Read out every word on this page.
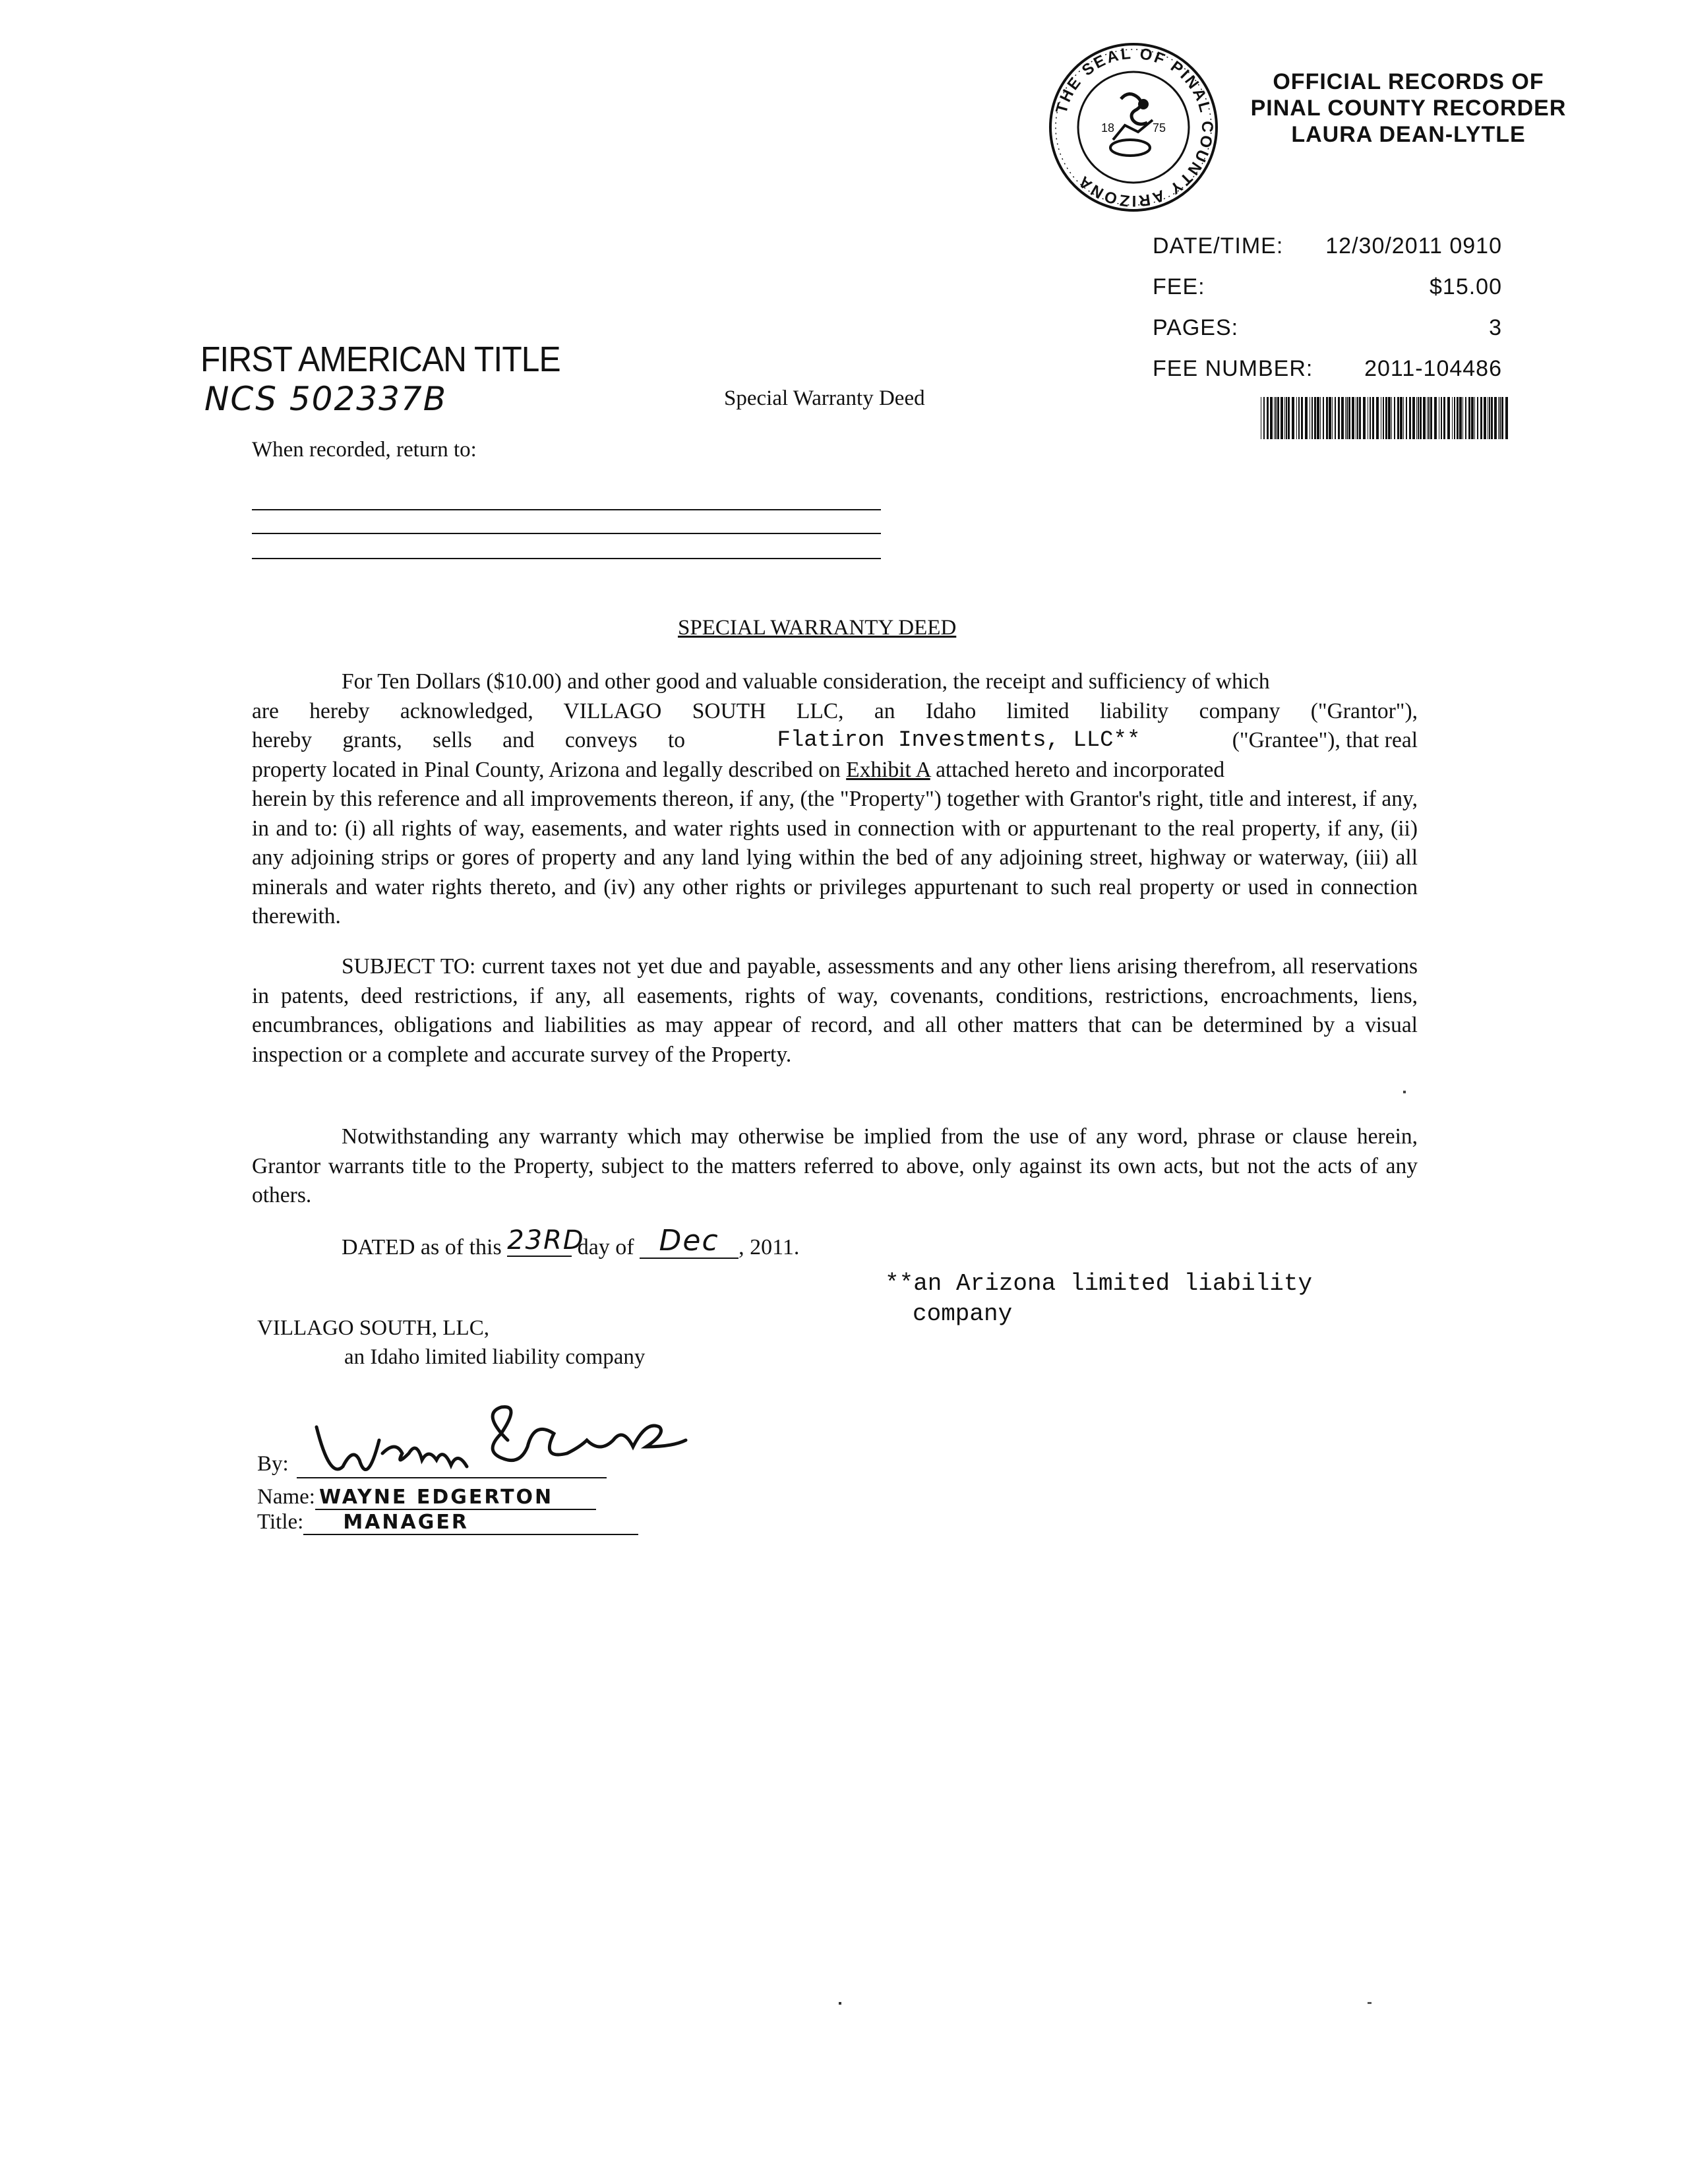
THE SEAL OF PINAL COUNTY ARIZONA
18	75
OFFICIAL RECORDS OF
PINAL COUNTY RECORDER
LAURA DEAN-LYTLE
DATE/TIME: 12/30/2011 0910
FEE:	$15.00
PAGES:	3
FEE NUMBER: 2011-104486
FIRST AMERICAN TITLE
NCS 502337B	Special Warranty Deed
When recorded, return to:
SPECIAL WARRANTY DEED
For Ten Dollars ($10.00) and other good and valuable consideration, the receipt and sufficiency of which
are hereby acknowledged, VILLAGO SOUTH LLC, an Idaho limited liability company ("Grantor"),
hereby grants, sells and conveys to	Flatiron Investments, LLC**	("Grantee"), that real
property located in Pinal County, Arizona and legally described on Exhibit A attached hereto and incorporated
herein by this reference and all improvements thereon, if any, (the "Property") together with Grantor's right, title and interest, if any, in and to: (i) all rights of way, easements, and water rights used in connection with or appurtenant to the real property, if any, (ii) any adjoining strips or gores of property and any land lying within the bed of any adjoining street, highway or waterway, (iii) all minerals and water rights thereto, and (iv) any other rights or privileges appurtenant to such real property or used in connection therewith.
SUBJECT TO: current taxes not yet due and payable, assessments and any other liens arising therefrom, all reservations in patents, deed restrictions, if any, all easements, rights of way, covenants, conditions, restrictions, encroachments, liens, encumbrances, obligations and liabilities as may appear of record, and all other matters that can be determined by a visual inspection or a complete and accurate survey of the Property.
Notwithstanding any warranty which may otherwise be implied from the use of any word, phrase or clause herein, Grantor warrants title to the Property, subject to the matters referred to above, only against its own acts, but not the acts of any others.
DATED as of this 23RD day of Dec , 2011.
**an Arizona limited liability
company
VILLAGO SOUTH, LLC,
an Idaho limited liability company
By:
Name: WAYNE EDGERTON
Title: MANAGER
